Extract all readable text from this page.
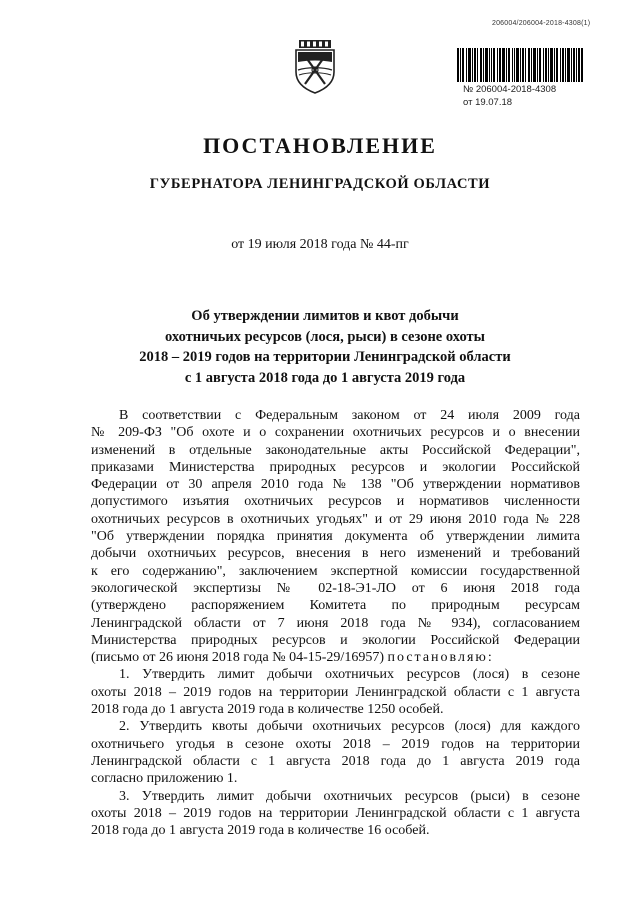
206004/206004-2018-4308(1)
№ 206004-2018-4308
от 19.07.18
ПОСТАНОВЛЕНИЕ
ГУБЕРНАТОРА ЛЕНИНГРАДСКОЙ ОБЛАСТИ
от 19 июля 2018 года № 44-пг
Об утверждении лимитов и квот добычи
охотничьих ресурсов (лося, рыси) в сезоне охоты
2018 – 2019 годов на территории Ленинградской области
с 1 августа 2018 года до 1 августа 2019 года

В соответствии с Федеральным законом от 24 июля 2009 года
№ 209-ФЗ "Об охоте и о сохранении охотничьих ресурсов и о внесении
изменений в отдельные законодательные акты Российской Федерации",
приказами Министерства природных ресурсов и экологии Российской
Федерации от 30 апреля 2010 года № 138 "Об утверждении нормативов
допустимого изъятия охотничьих ресурсов и нормативов численности
охотничьих ресурсов в охотничьих угодьях" и от 29 июня 2010 года № 228
"Об утверждении порядка принятия документа об утверждении лимита
добычи охотничьих ресурсов, внесения в него изменений и требований
к его содержанию", заключением экспертной комиссии государственной
экологической экспертизы № 02-18-Э1-ЛО от 6 июня 2018 года
(утверждено распоряжением Комитета по природным ресурсам
Ленинградской области от 7 июня 2018 года № 934), согласованием
Министерства природных ресурсов и экологии Российской Федерации
(письмо от 26 июня 2018 года № 04-15-29/16957) постановляю:

1. Утвердить лимит добычи охотничьих ресурсов (лося) в сезоне
охоты 2018 – 2019 годов на территории Ленинградской области с 1 августа
2018 года до 1 августа 2019 года в количестве 1250 особей.

2. Утвердить квоты добычи охотничьих ресурсов (лося) для каждого
охотничьего угодья в сезоне охоты 2018 – 2019 годов на территории
Ленинградской области с 1 августа 2018 года до 1 августа 2019 года
согласно приложению 1.

3. Утвердить лимит добычи охотничьих ресурсов (рыси) в сезоне
охоты 2018 – 2019 годов на территории Ленинградской области с 1 августа
2018 года до 1 августа 2019 года в количестве 16 особей.
